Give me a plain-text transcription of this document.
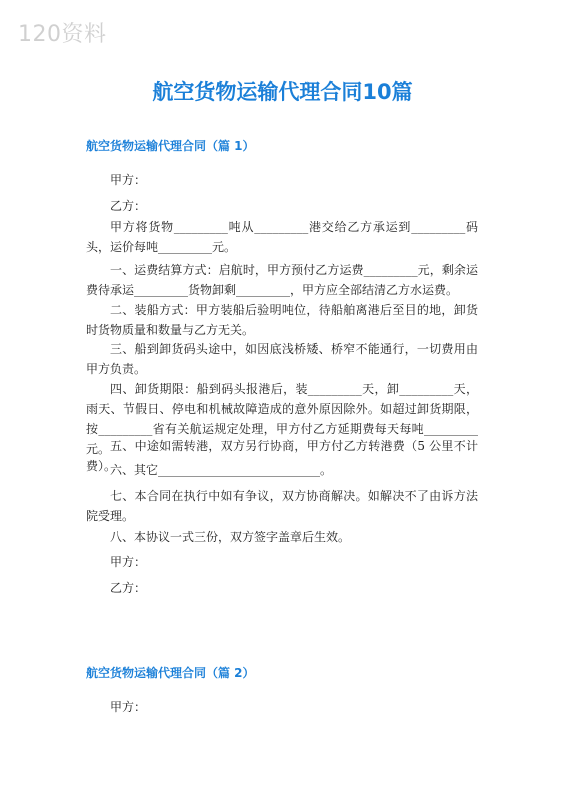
120资料
航空货物运输代理合同10篇
航空货物运输代理合同（篇 1）

甲方：

乙方：

甲方将货物_________吨从_________港交给乙方承运到_________码头，运价每吨_________元。

一、运费结算方式：启航时，甲方预付乙方运费_________元，剩余运费待承运_________货物卸剩_________，甲方应全部结清乙方水运费。

二、装船方式：甲方装船后验明吨位，待船舶离港后至目的地，卸货时货物质量和数量与乙方无关。

三、船到卸货码头途中，如因底浅桥矮、桥窄不能通行，一切费用由甲方负责。

四、卸货期限：船到码头报港后，装_________天，卸_________天，雨天、节假日、停电和机械故障造成的意外原因除外。如超过卸货期限，按_________省有关航运规定处理，甲方付乙方延期费每天每吨_________元。 五、中途如需转港，双方另行协商，甲方付乙方转港费（5 公里不计费）。

六、其它___________________________。

七、本合同在执行中如有争议，双方协商解决。如解决不了由诉方法院受理。

八、本协议一式三份，双方签字盖章后生效。

甲方：

乙方：

航空货物运输代理合同（篇 2）

甲方：
